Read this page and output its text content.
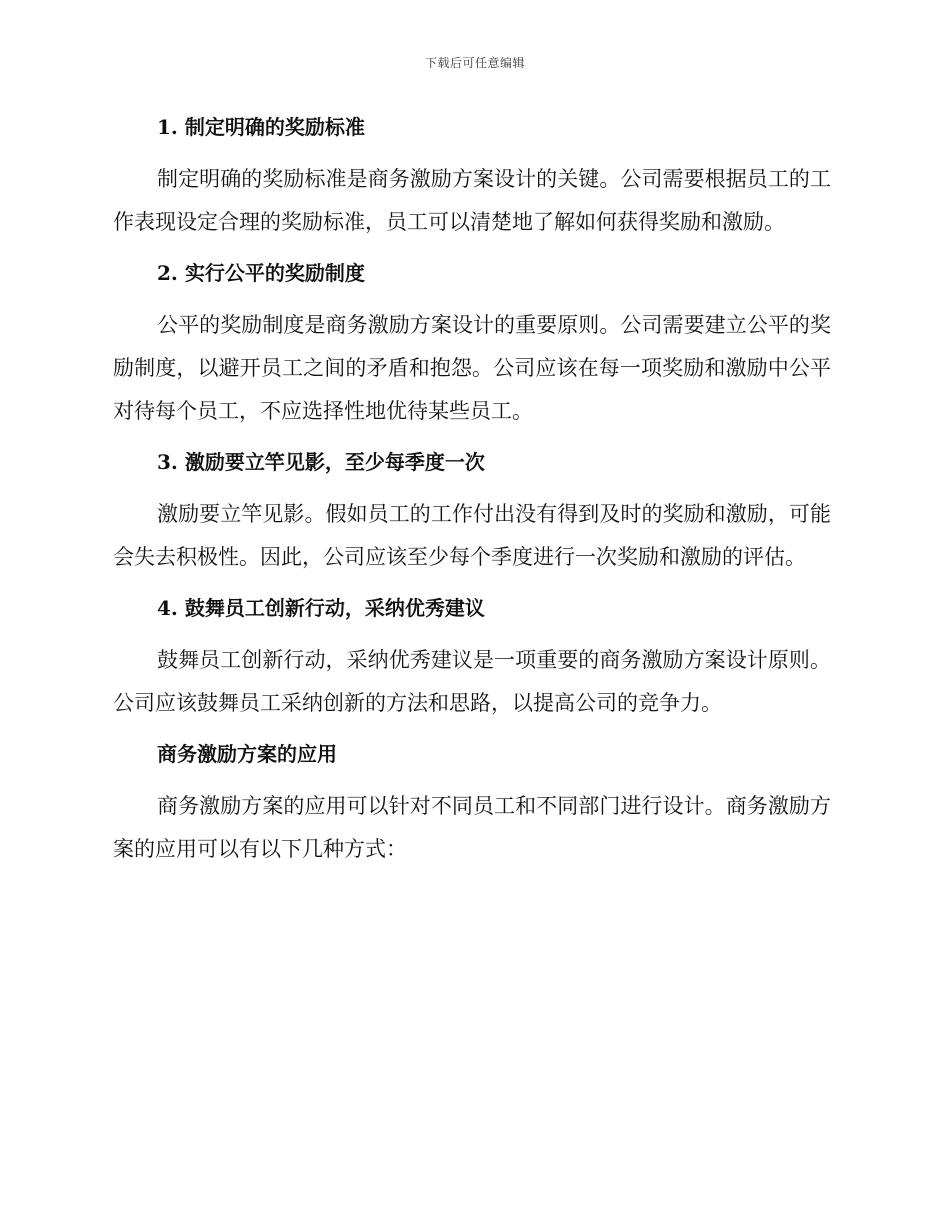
下载后可任意编辑
1. 制定明确的奖励标准

制定明确的奖励标准是商务激励方案设计的关键。公司需要根据员工的工作表现设定合理的奖励标准，员工可以清楚地了解如何获得奖励和激励。

2. 实行公平的奖励制度

公平的奖励制度是商务激励方案设计的重要原则。公司需要建立公平的奖励制度，以避开员工之间的矛盾和抱怨。公司应该在每一项奖励和激励中公平对待每个员工，不应选择性地优待某些员工。

3. 激励要立竿见影，至少每季度一次

激励要立竿见影。假如员工的工作付出没有得到及时的奖励和激励，可能会失去积极性。因此，公司应该至少每个季度进行一次奖励和激励的评估。

4. 鼓舞员工创新行动，采纳优秀建议

鼓舞员工创新行动，采纳优秀建议是一项重要的商务激励方案设计原则。公司应该鼓舞员工采纳创新的方法和思路，以提高公司的竞争力。

商务激励方案的应用

商务激励方案的应用可以针对不同员工和不同部门进行设计。商务激励方案的应用可以有以下几种方式：
